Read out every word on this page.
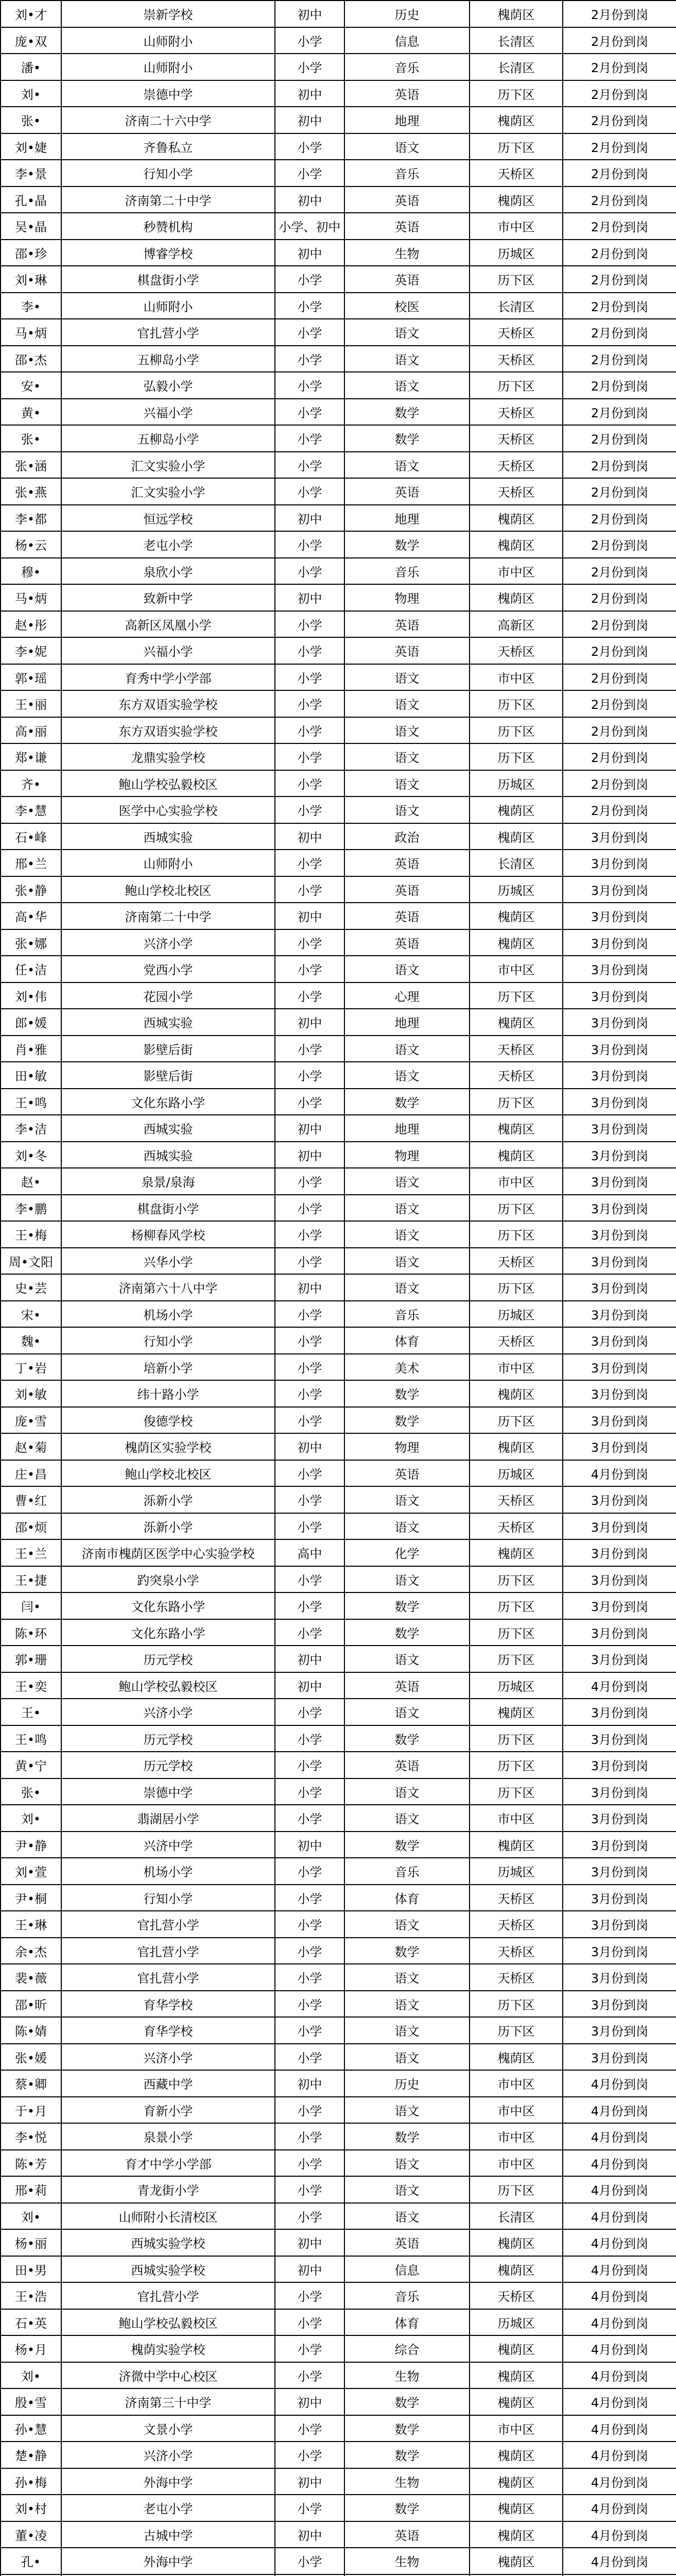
刘•才	崇新学校	初中	历史	槐荫区	2月份到岗
庞•双	山师附小	小学	信息	长清区	2月份到岗
潘•	山师附小	小学	音乐	长清区	2月份到岗
刘•	崇德中学	初中	英语	历下区	2月份到岗
张•	济南二十六中学	初中	地理	槐荫区	2月份到岗
刘•婕	齐鲁私立	小学	语文	历下区	2月份到岗
李•景	行知小学	小学	音乐	天桥区	2月份到岗
孔•晶	济南第二十中学	初中	英语	槐荫区	2月份到岗
吴•晶	秒赞机构	小学、初中	英语	市中区	2月份到岗
邵•珍	博睿学校	初中	生物	历城区	2月份到岗
刘•琳	棋盘街小学	小学	英语	历下区	2月份到岗
李•	山师附小	小学	校医	长清区	2月份到岗
马•炳	官扎营小学	小学	语文	天桥区	2月份到岗
邵•杰	五柳岛小学	小学	语文	天桥区	2月份到岗
安•	弘毅小学	小学	语文	历下区	2月份到岗
黄•	兴福小学	小学	数学	天桥区	2月份到岗
张•	五柳岛小学	小学	数学	天桥区	2月份到岗
张•涵	汇文实验小学	小学	语文	天桥区	2月份到岗
张•燕	汇文实验小学	小学	英语	天桥区	2月份到岗
李•都	恒远学校	初中	地理	槐荫区	2月份到岗
杨•云	老屯小学	小学	数学	槐荫区	2月份到岗
穆•	泉欣小学	小学	音乐	市中区	2月份到岗
马•炳	致新中学	初中	物理	槐荫区	2月份到岗
赵•彤	高新区凤凰小学	小学	英语	高新区	2月份到岗
李•妮	兴福小学	小学	英语	天桥区	2月份到岗
郭•瑶	育秀中学小学部	小学	语文	市中区	2月份到岗
王•丽	东方双语实验学校	小学	语文	历下区	2月份到岗
高•丽	东方双语实验学校	小学	语文	历下区	2月份到岗
郑•谦	龙鼎实验学校	小学	语文	历下区	2月份到岗
齐•	鲍山学校弘毅校区	小学	语文	历城区	2月份到岗
李•慧	医学中心实验学校	小学	语文	槐荫区	2月份到岗
石•峰	西城实验	初中	政治	槐荫区	3月份到岗
邢•兰	山师附小	小学	英语	长清区	3月份到岗
张•静	鲍山学校北校区	小学	英语	历城区	3月份到岗
高•华	济南第二十中学	初中	英语	槐荫区	3月份到岗
张•娜	兴济小学	小学	英语	槐荫区	3月份到岗
任•洁	党西小学	小学	语文	市中区	3月份到岗
刘•伟	花园小学	小学	心理	历下区	3月份到岗
郎•媛	西城实验	初中	地理	槐荫区	3月份到岗
肖•雅	影壁后街	小学	语文	天桥区	3月份到岗
田•敏	影壁后街	小学	语文	天桥区	3月份到岗
王•鸣	文化东路小学	小学	数学	历下区	3月份到岗
李•洁	西城实验	初中	地理	槐荫区	3月份到岗
刘•冬	西城实验	初中	物理	槐荫区	3月份到岗
赵•	泉景/泉海	小学	语文	市中区	3月份到岗
李•鹏	棋盘街小学	小学	语文	历下区	3月份到岗
王•梅	杨柳春风学校	小学	语文	历下区	3月份到岗
周•文阳	兴华小学	小学	语文	天桥区	3月份到岗
史•芸	济南第六十八中学	初中	语文	历下区	3月份到岗
宋•	机场小学	小学	音乐	历城区	3月份到岗
魏•	行知小学	小学	体育	天桥区	3月份到岗
丁•岩	培新小学	小学	美术	市中区	3月份到岗
刘•敏	纬十路小学	小学	数学	槐荫区	3月份到岗
庞•雪	俊德学校	小学	数学	历下区	3月份到岗
赵•菊	槐荫区实验学校	初中	物理	槐荫区	3月份到岗
庄•昌	鲍山学校北校区	小学	英语	历城区	4月份到岗
曹•红	泺新小学	小学	语文	天桥区	3月份到岗
邵•烦	泺新小学	小学	语文	天桥区	3月份到岗
王•兰	济南市槐荫区医学中心实验学校	高中	化学	槐荫区	3月份到岗
王•捷	趵突泉小学	小学	语文	历下区	3月份到岗
闫•	文化东路小学	小学	数学	历下区	3月份到岗
陈•环	文化东路小学	小学	数学	历下区	3月份到岗
郭•珊	历元学校	初中	语文	历下区	3月份到岗
王•奕	鲍山学校弘毅校区	初中	英语	历城区	4月份到岗
王•	兴济小学	小学	语文	槐荫区	3月份到岗
王•鸣	历元学校	小学	数学	历下区	3月份到岗
黄•宁	历元学校	小学	英语	历下区	3月份到岗
张•	崇德中学	小学	语文	历下区	3月份到岗
刘•	翡湖居小学	小学	语文	市中区	3月份到岗
尹•静	兴济中学	初中	数学	槐荫区	3月份到岗
刘•萱	机场小学	小学	音乐	历城区	3月份到岗
尹•桐	行知小学	小学	体育	天桥区	3月份到岗
王•琳	官扎营小学	小学	语文	天桥区	3月份到岗
余•杰	官扎营小学	小学	数学	天桥区	3月份到岗
裴•薇	官扎营小学	小学	语文	天桥区	3月份到岗
邵•昕	育华学校	小学	语文	历下区	3月份到岗
陈•婧	育华学校	小学	语文	历下区	3月份到岗
张•媛	兴济小学	小学	语文	槐荫区	3月份到岗
蔡•卿	西藏中学	初中	历史	市中区	4月份到岗
于•月	育新小学	小学	语文	市中区	4月份到岗
李•悦	泉景小学	小学	数学	市中区	4月份到岗
陈•芳	育才中学小学部	小学	语文	市中区	4月份到岗
邢•莉	青龙街小学	小学	语文	历下区	4月份到岗
刘•	山师附小长清校区	小学	语文	长清区	4月份到岗
杨•丽	西城实验学校	初中	英语	槐荫区	4月份到岗
田•男	西城实验学校	初中	信息	槐荫区	4月份到岗
王•浩	官扎营小学	小学	音乐	天桥区	4月份到岗
石•英	鲍山学校弘毅校区	小学	体育	历城区	4月份到岗
杨•月	槐荫实验学校	小学	综合	槐荫区	4月份到岗
刘•	济微中学中心校区	小学	生物	槐荫区	4月份到岗
殷•雪	济南第三十中学	初中	数学	槐荫区	4月份到岗
孙•慧	文景小学	小学	数学	市中区	4月份到岗
楚•静	兴济小学	小学	数学	槐荫区	4月份到岗
孙•梅	外海中学	初中	生物	槐荫区	4月份到岗
刘•村	老屯小学	小学	数学	槐荫区	4月份到岗
董•凌	古城中学	初中	英语	槐荫区	4月份到岗
孔•	外海中学	小学	生物	槐荫区	4月份到岗
